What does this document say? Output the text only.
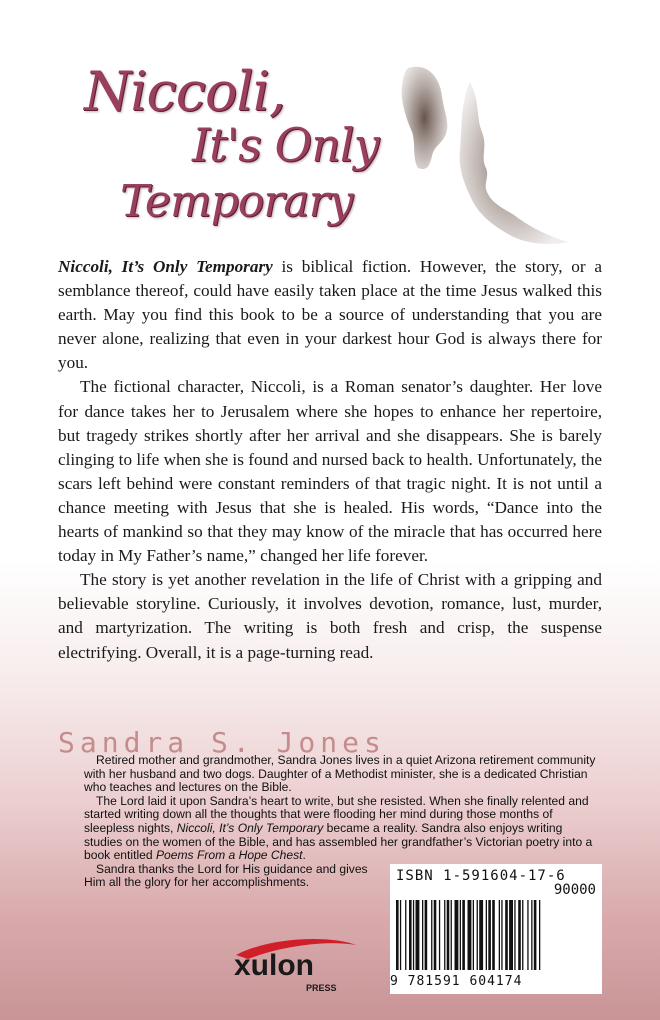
Niccoli,
It's Only
Temporary

Niccoli, It’s Only Temporary is biblical fiction. However, the story, or a semblance thereof, could have easily taken place at the time Jesus walked this earth. May you find this book to be a source of understanding that you are never alone, realizing that even in your darkest hour God is always there for you.

The fictional character, Niccoli, is a Roman senator’s daughter. Her love for dance takes her to Jerusalem where she hopes to enhance her repertoire, but tragedy strikes shortly after her arrival and she disappears. She is barely clinging to life when she is found and nursed back to health. Unfortunately, the scars left behind were constant reminders of that tragic night. It is not until a chance meeting with Jesus that she is healed. His words, “Dance into the hearts of mankind so that they may know of the miracle that has occurred here today in My Father’s name,” changed her life forever.

The story is yet another revelation in the life of Christ with a gripping and believable storyline. Curiously, it involves devotion, romance, lust, murder, and martyrization. The writing is both fresh and crisp, the suspense electrifying. Overall, it is a page-turning read.

Sandra S. Jones

Retired mother and grandmother, Sandra Jones lives in a quiet Arizona retirement community with her husband and two dogs. Daughter of a Methodist minister, she is a dedicated Christian who teaches and lectures on the Bible.

The Lord laid it upon Sandra’s heart to write, but she resisted. When she finally relented and started writing down all the thoughts that were flooding her mind during those months of sleepless nights, Niccoli, It’s Only Temporary became a reality. Sandra also enjoys writing studies on the women of the Bible, and has assembled her grandfather’s Victorian poetry into a book entitled Poems From a Hope Chest.

Sandra thanks the Lord for His guidance and gives Him all the glory for her accomplishments.

xulon
PRESS
ISBN 1-591604-17-6
90000
9 781591 604174
